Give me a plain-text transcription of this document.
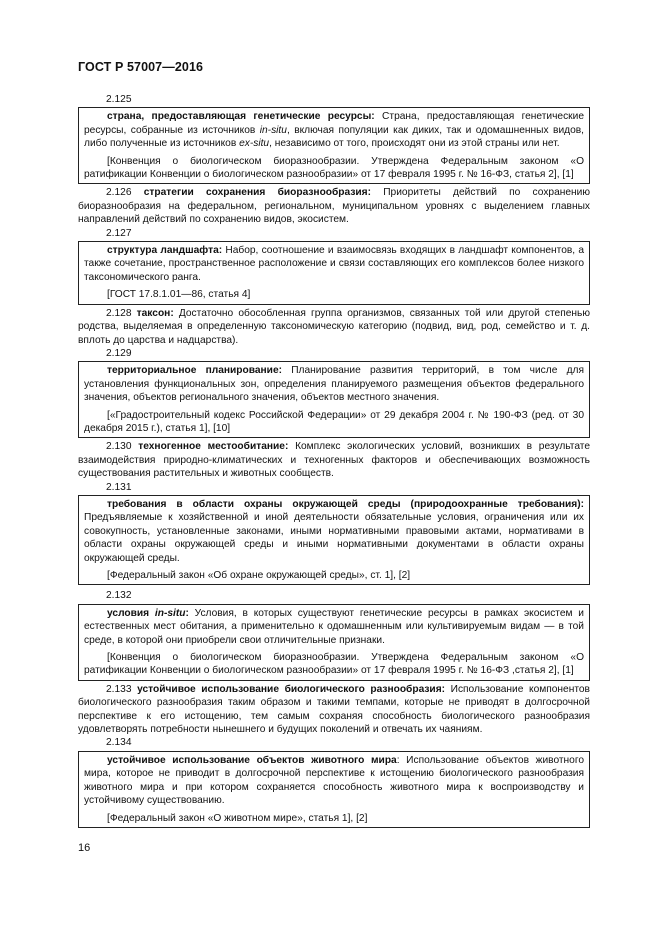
ГОСТ Р 57007—2016
2.125
страна, предоставляющая генетические ресурсы: Страна, предоставляющая генетические ресурсы, собранные из источников in-situ, включая популяции как диких, так и одомашненных видов, либо полученные из источников ex-situ, независимо от того, происходят они из этой страны или нет.
[Конвенция о биологическом биоразнообразии. Утверждена Федеральным законом «О ратификации Конвенции о биологическом разнообразии» от 17 февраля 1995 г. № 16-ФЗ, статья 2], [1]
2.126 стратегии сохранения биоразнообразия: Приоритеты действий по сохранению биоразнообразия на федеральном, региональном, муниципальном уровнях с выделением главных направлений действий по сохранению видов, экосистем.
2.127
структура ландшафта: Набор, соотношение и взаимосвязь входящих в ландшафт компонентов, а также сочетание, пространственное расположение и связи составляющих его комплексов более низкого таксономического ранга.
[ГОСТ 17.8.1.01—86, статья 4]
2.128 таксон: Достаточно обособленная группа организмов, связанных той или другой степенью родства, выделяемая в определенную таксономическую категорию (подвид, вид, род, семейство и т. д. вплоть до царства и надцарства).
2.129
территориальное планирование: Планирование развития территорий, в том числе для установления функциональных зон, определения планируемого размещения объектов федерального значения, объектов регионального значения, объектов местного значения.
[«Градостроительный кодекс Российской Федерации» от 29 декабря 2004 г. № 190-ФЗ (ред. от 30 декабря 2015 г.), статья 1], [10]
2.130 техногенное местообитание: Комплекс экологических условий, возникших в результате взаимодействия природно-климатических и техногенных факторов и обеспечивающих возможность существования растительных и животных сообществ.
2.131
требования в области охраны окружающей среды (природоохранные требования): Предъявляемые к хозяйственной и иной деятельности обязательные условия, ограничения или их совокупность, установленные законами, иными нормативными правовыми актами, нормативами в области охраны окружающей среды и иными нормативными документами в области охраны окружающей среды.
[Федеральный закон «Об охране окружающей среды», ст. 1], [2]
2.132
условия in-situ: Условия, в которых существуют генетические ресурсы в рамках экосистем и естественных мест обитания, а применительно к одомашненным или культивируемым видам — в той среде, в которой они приобрели свои отличительные признаки.
[Конвенция о биологическом биоразнообразии. Утверждена Федеральным законом «О ратификации Конвенции о биологическом разнообразии» от 17 февраля 1995 г. № 16-ФЗ ,статья 2], [1]
2.133 устойчивое использование биологического разнообразия: Использование компонентов биологического разнообразия таким образом и такими темпами, которые не приводят в долгосрочной перспективе к его истощению, тем самым сохраняя способность биологического разнообразия удовлетворять потребности нынешнего и будущих поколений и отвечать их чаяниям.
2.134
устойчивое использование объектов животного мира: Использование объектов животного мира, которое не приводит в долгосрочной перспективе к истощению биологического разнообразия животного мира и при котором сохраняется способность животного мира к воспроизводству и устойчивому существованию.
[Федеральный закон «О животном мире», статья 1], [2]
16
